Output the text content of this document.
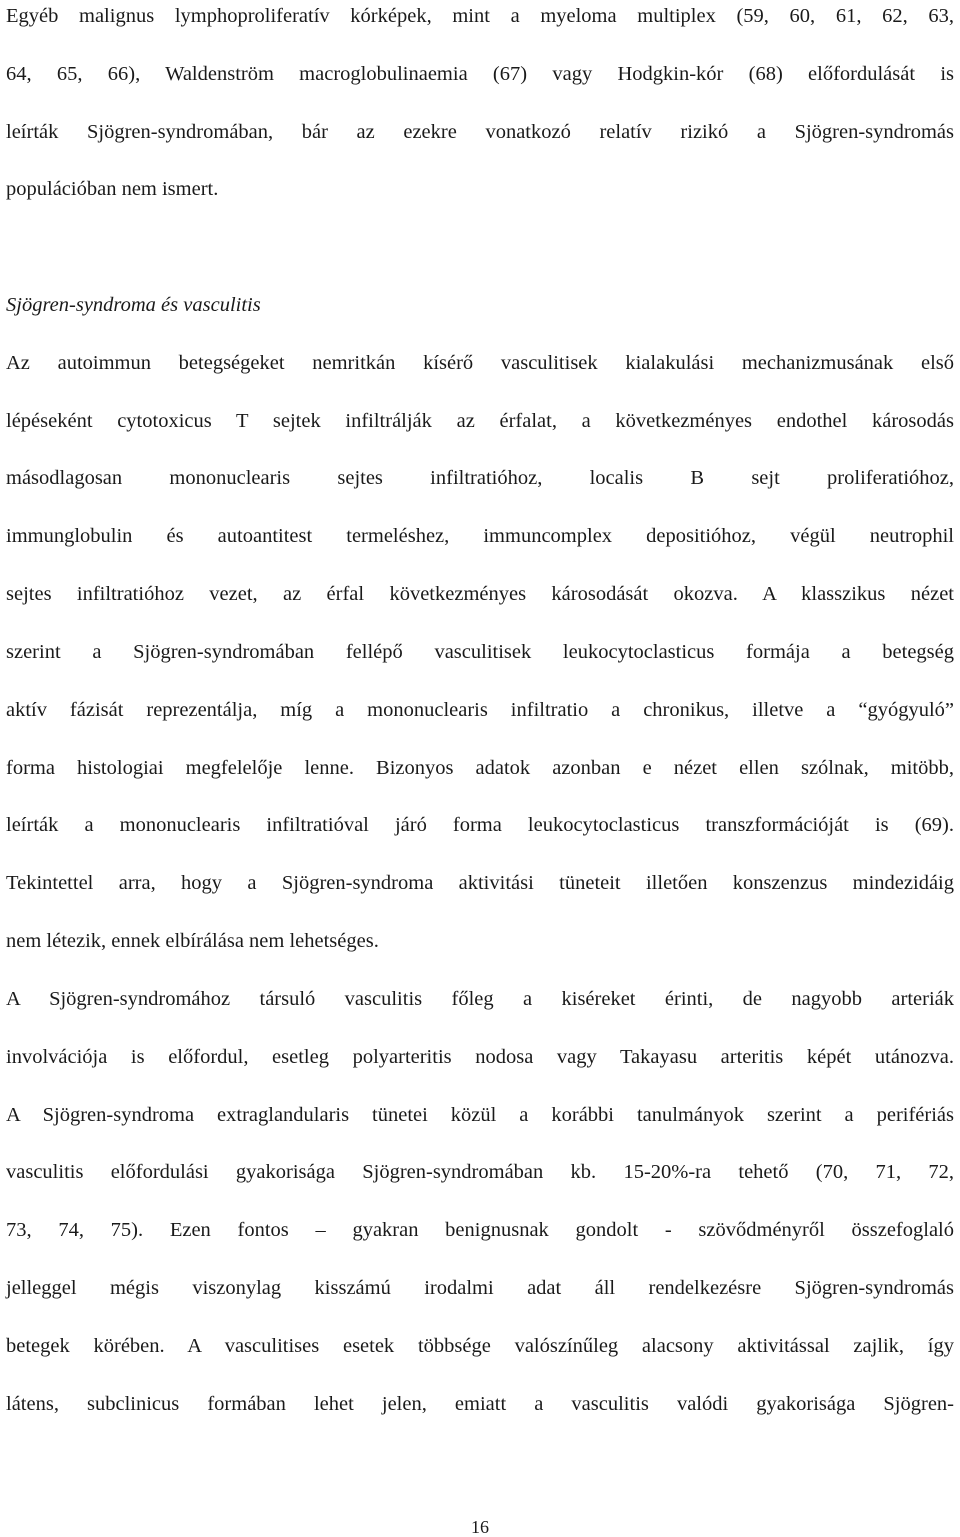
Egyéb malignus lymphoproliferatív kórképek, mint a myeloma multiplex (59, 60, 61, 62, 63,
64, 65, 66), Waldenström macroglobulinaemia (67) vagy Hodgkin-kór (68) előfordulását is
leírták Sjögren-syndromában, bár az ezekre vonatkozó relatív rizikó a Sjögren-syndromás
populációban nem ismert.
Sjögren-syndroma és vasculitis
Az autoimmun betegségeket nemritkán kísérő vasculitisek kialakulási mechanizmusának első
lépéseként cytotoxicus T sejtek infiltrálják az érfalat, a következményes endothel károsodás
másodlagosan mononuclearis sejtes infiltratióhoz, localis B sejt proliferatióhoz,
immunglobulin és autoantitest termeléshez, immuncomplex depositióhoz, végül neutrophil
sejtes infiltratióhoz vezet, az érfal következményes károsodását okozva. A klasszikus nézet
szerint a Sjögren-syndromában fellépő vasculitisek leukocytoclasticus formája a betegség
aktív fázisát reprezentálja, míg a mononuclearis infiltratio a chronikus, illetve a “gyógyuló”
forma histologiai megfelelője lenne. Bizonyos adatok azonban e nézet ellen szólnak, mitöbb,
leírták a mononuclearis infiltratióval járó forma leukocytoclasticus transzformációját is (69).
Tekintettel arra, hogy a Sjögren-syndroma aktivitási tüneteit illetően konszenzus mindezidáig
nem létezik, ennek elbírálása nem lehetséges.
A Sjögren-syndromához társuló vasculitis főleg a kiséreket érinti, de nagyobb arteriák
involvációja is előfordul, esetleg polyarteritis nodosa vagy Takayasu arteritis képét utánozva.
A Sjögren-syndroma extraglandularis tünetei közül a korábbi tanulmányok szerint a perifériás
vasculitis előfordulási gyakorisága Sjögren-syndromában kb. 15-20%-ra tehető (70, 71, 72,
73, 74, 75). Ezen fontos – gyakran benignusnak gondolt - szövődményről összefoglaló
jelleggel mégis viszonylag kisszámú irodalmi adat áll rendelkezésre Sjögren-syndromás
betegek körében. A vasculitises esetek többsége valószínűleg alacsony aktivitással zajlik, így
látens, subclinicus formában lehet jelen, emiatt a vasculitis valódi gyakorisága Sjögren-
16
